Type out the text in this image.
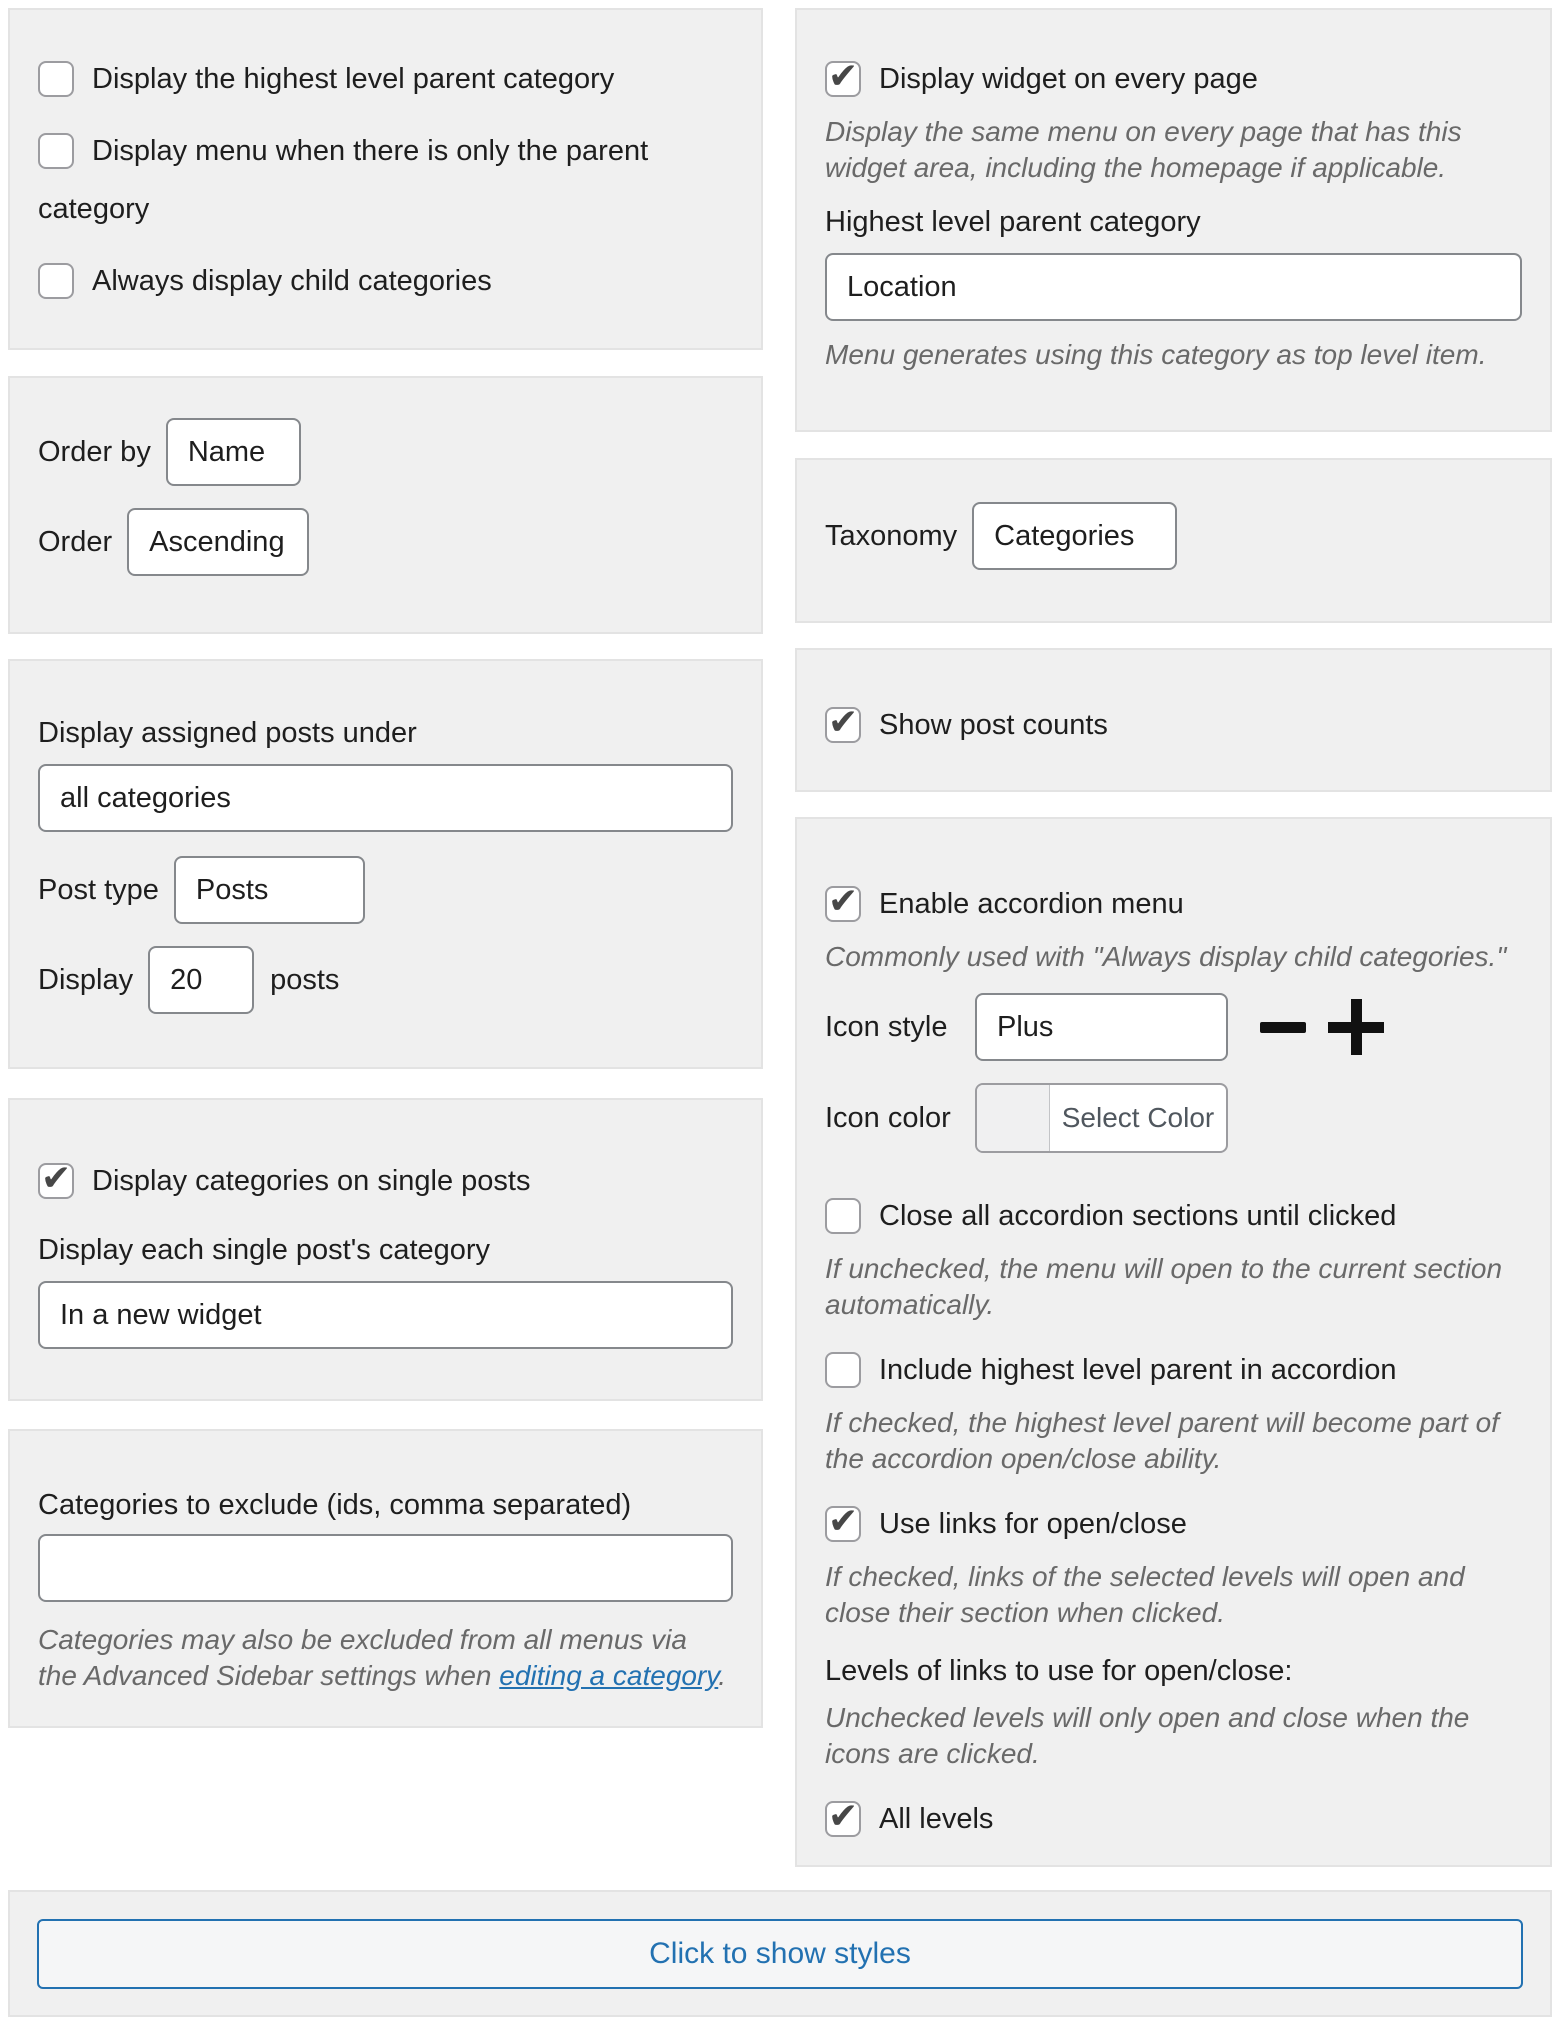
Display the highest level parent category
Display menu when there is only the parent category
Always display child categories
Order by	Name
Order	Ascending
Display assigned posts under
all categories
Post type	Posts
Display	20	posts
✔Display categories on single posts
Display each single post's category
In a new widget
Categories to exclude (ids, comma separated)
Categories may also be excluded from all menus via the Advanced Sidebar settings when editing a category.
✔Display widget on every page
Display the same menu on every page that has this widget area, including the homepage if applicable.
Highest level parent category
Location
Menu generates using this category as top level item.
Taxonomy	Categories
✔Show post counts
✔Enable accordion menu
Commonly used with "Always display child categories."
Icon style	Plus
Icon color	Select Color
Close all accordion sections until clicked
If unchecked, the menu will open to the current section automatically.
Include highest level parent in accordion
If checked, the highest level parent will become part of the accordion open/close ability.
✔Use links for open/close
If checked, links of the selected levels will open and close their section when clicked.
Levels of links to use for open/close:
Unchecked levels will only open and close when the icons are clicked.
✔All levels
Click to show styles
